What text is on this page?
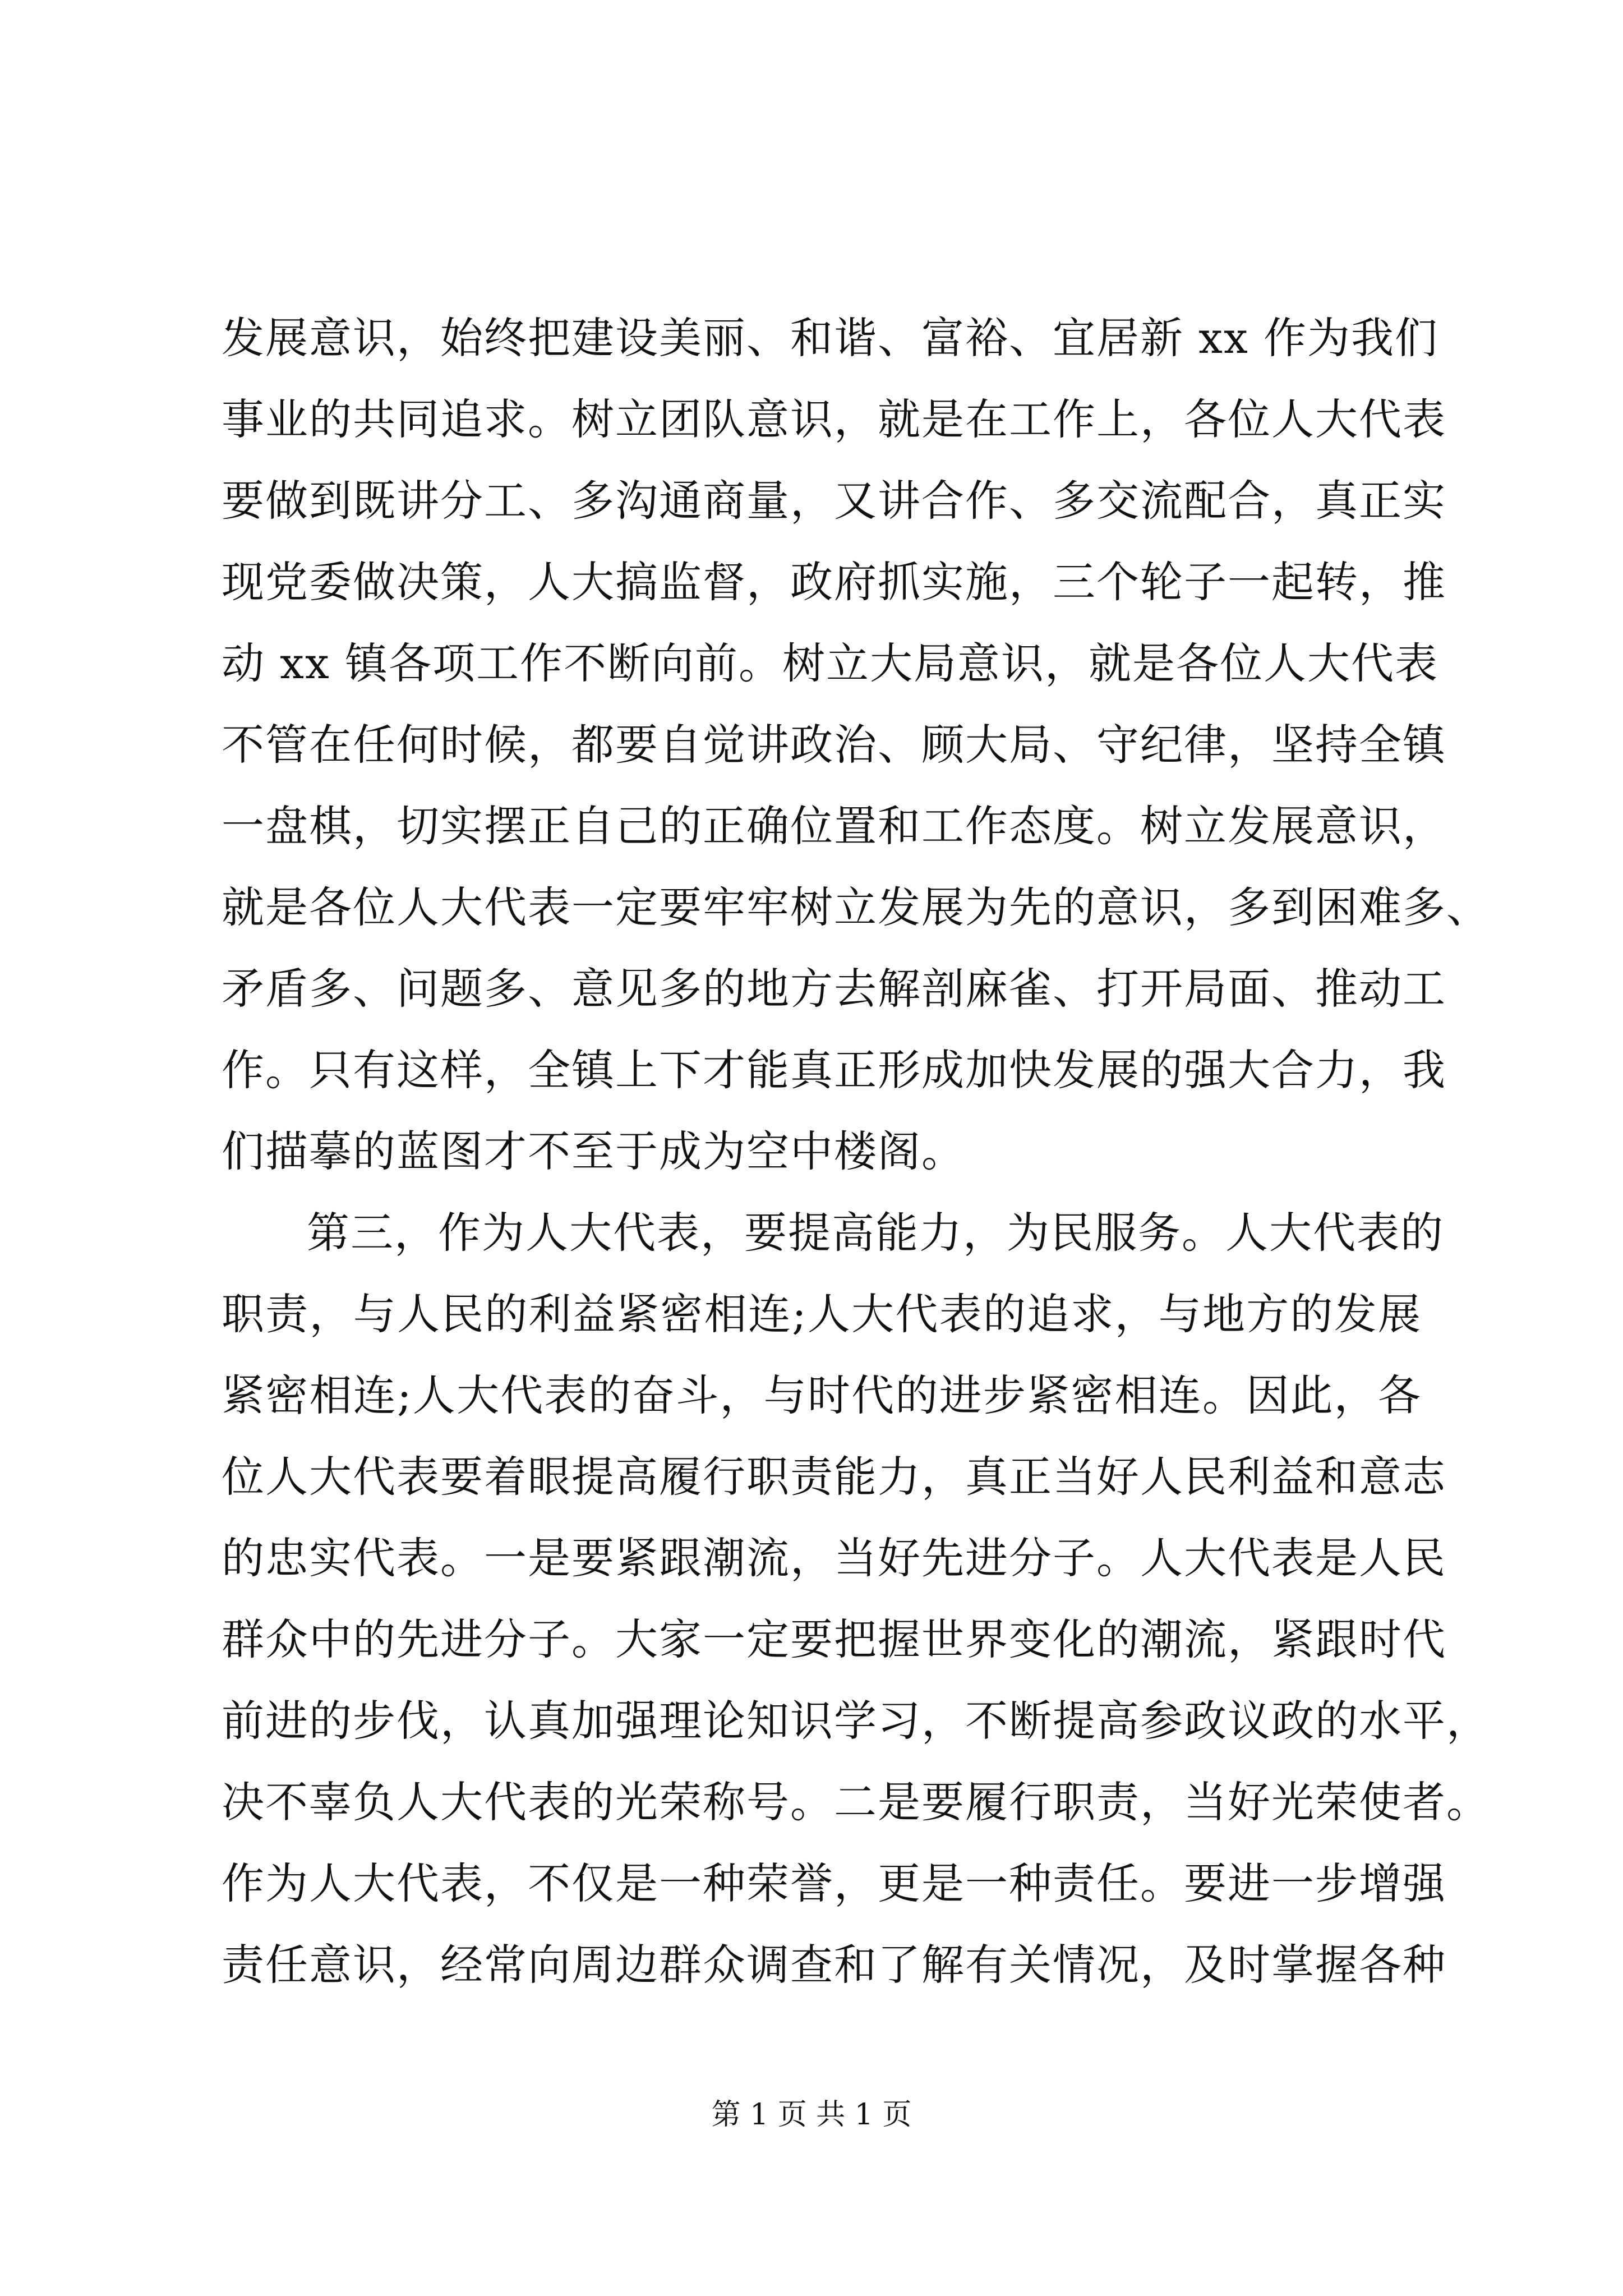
发展意识，始终把建设美丽、和谐、富裕、宜居新 xx 作为我们
事业的共同追求。树立团队意识，就是在工作上，各位人大代表
要做到既讲分工、多沟通商量，又讲合作、多交流配合，真正实
现党委做决策，人大搞监督，政府抓实施，三个轮子一起转，推
动 xx 镇各项工作不断向前。树立大局意识，就是各位人大代表
不管在任何时候，都要自觉讲政治、顾大局、守纪律，坚持全镇
一盘棋，切实摆正自己的正确位置和工作态度。树立发展意识，
就是各位人大代表一定要牢牢树立发展为先的意识，多到困难多、
矛盾多、问题多、意见多的地方去解剖麻雀、打开局面、推动工
作。只有这样，全镇上下才能真正形成加快发展的强大合力，我
们描摹的蓝图才不至于成为空中楼阁。
第三，作为人大代表，要提高能力，为民服务。人大代表的
职责，与人民的利益紧密相连;人大代表的追求，与地方的发展
紧密相连;人大代表的奋斗，与时代的进步紧密相连。因此，各
位人大代表要着眼提高履行职责能力，真正当好人民利益和意志
的忠实代表。一是要紧跟潮流，当好先进分子。人大代表是人民
群众中的先进分子。大家一定要把握世界变化的潮流，紧跟时代
前进的步伐，认真加强理论知识学习，不断提高参政议政的水平，
决不辜负人大代表的光荣称号。二是要履行职责，当好光荣使者。
作为人大代表，不仅是一种荣誉，更是一种责任。要进一步增强
责任意识，经常向周边群众调查和了解有关情况，及时掌握各种
第 1 页 共 1 页
